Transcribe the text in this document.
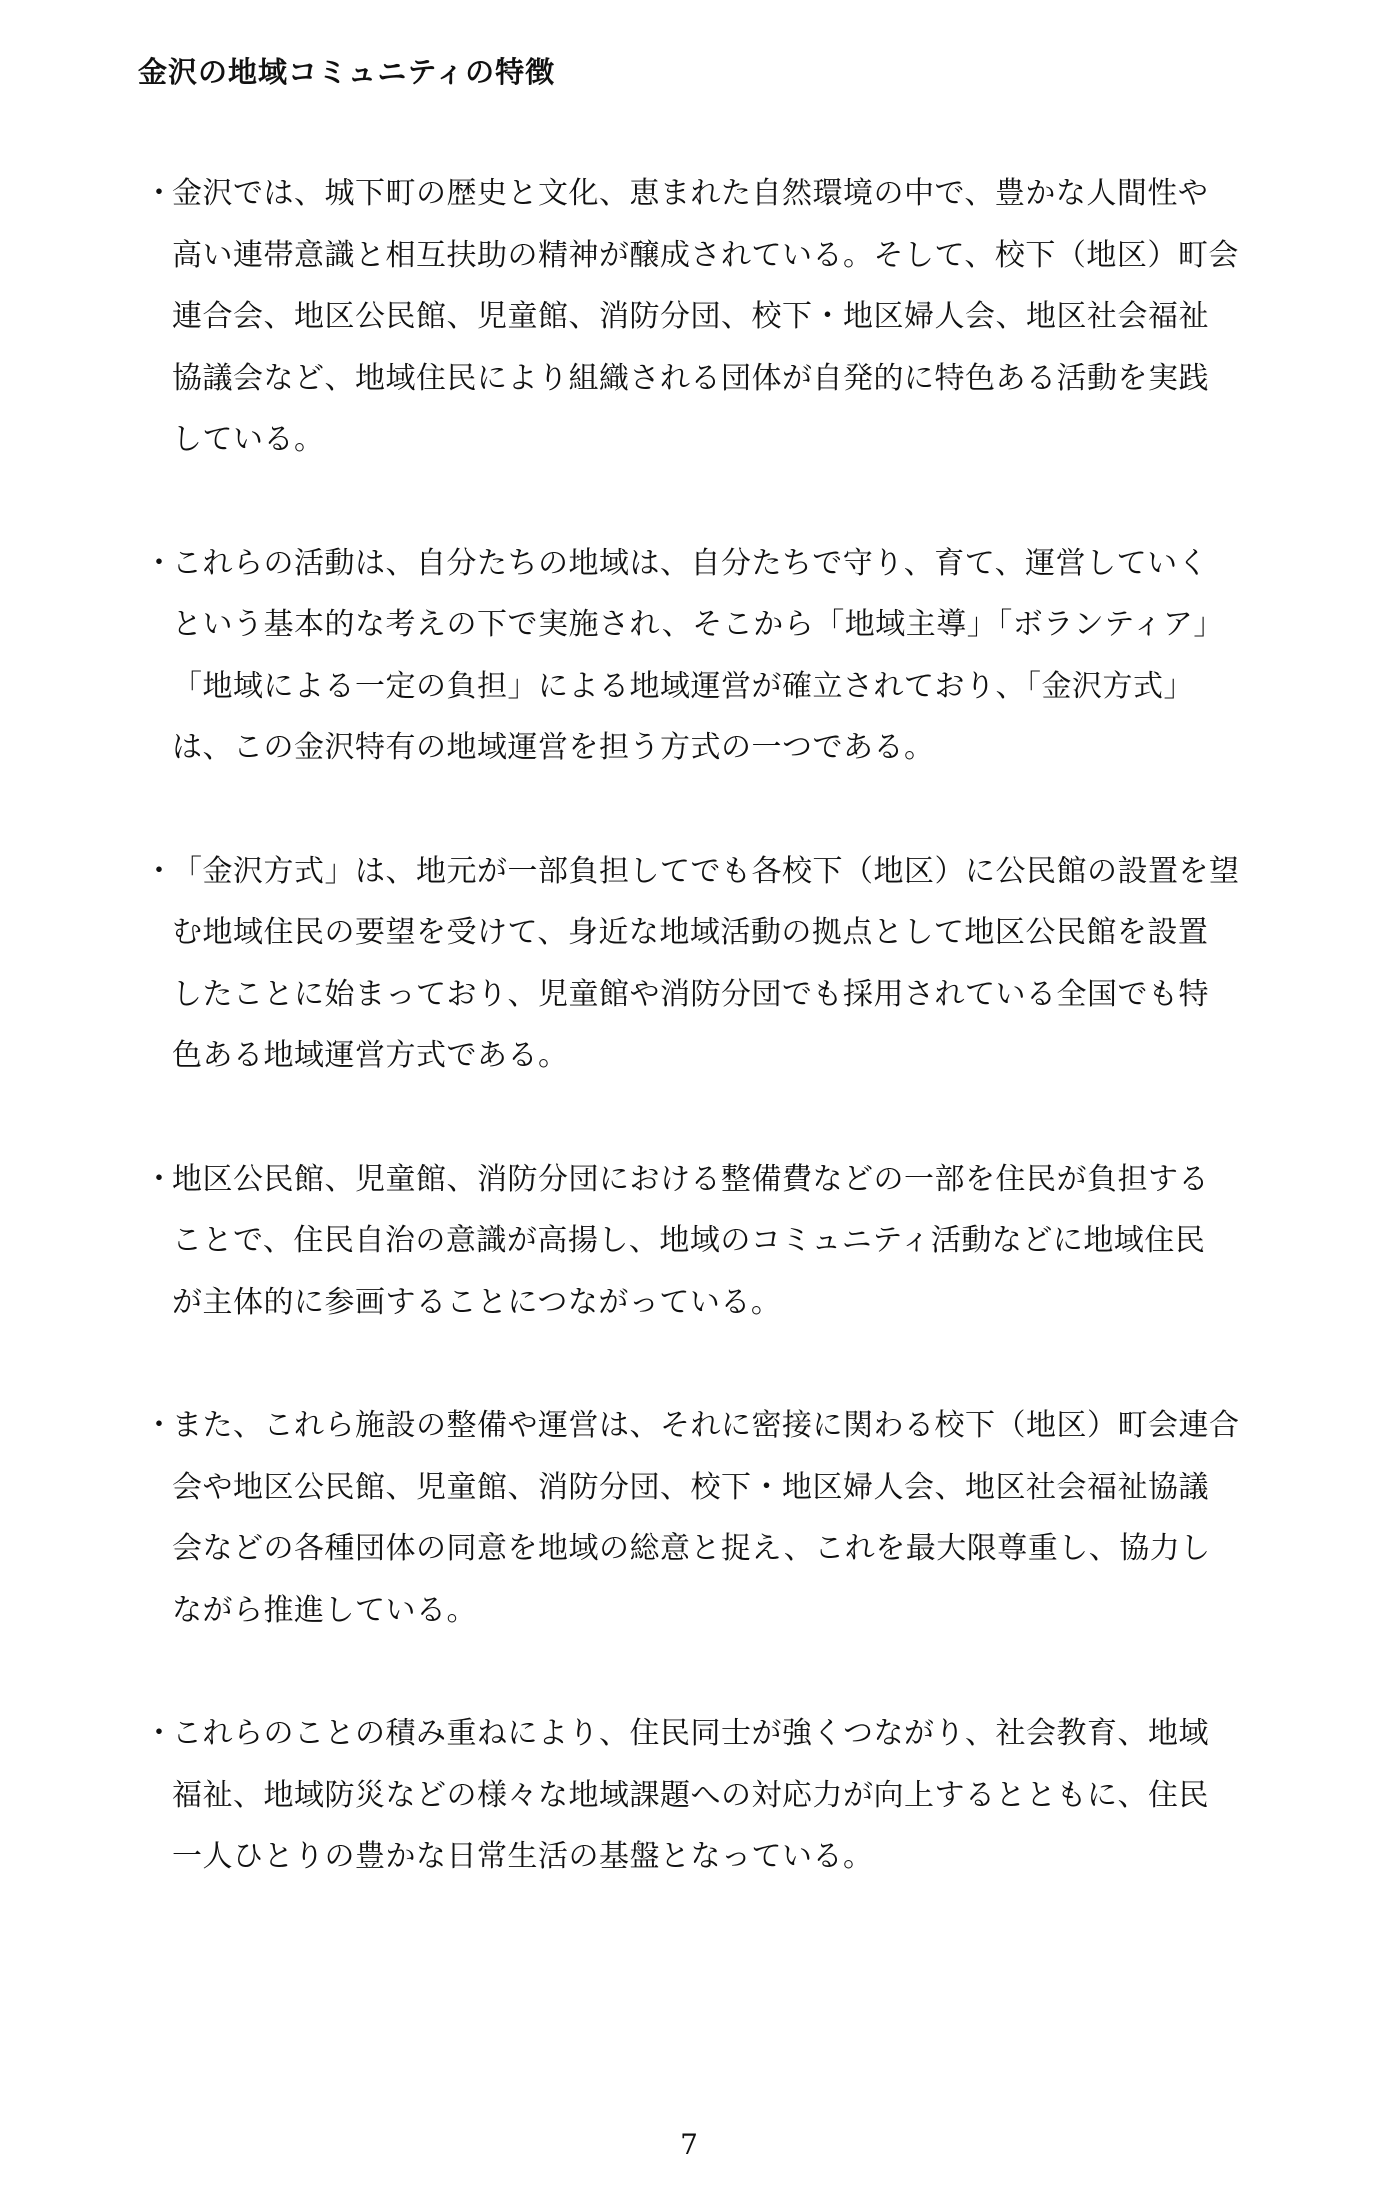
金沢の地域コミュニティの特徴
・
金沢では、城下町の歴史と文化、恵まれた自然環境の中で、豊かな人間性や
高い連帯意識と相互扶助の精神が醸成されている。そして、校下（地区）町会
連合会、地区公民館、児童館、消防分団、校下・地区婦人会、地区社会福祉
協議会など、地域住民により組織される団体が自発的に特色ある活動を実践
している。
・
これらの活動は、自分たちの地域は、自分たちで守り、育て、運営していく
という基本的な考えの下で実施され、そこから「地域主導」「ボランティア」
「地域による一定の負担」による地域運営が確立されており、「金沢方式」
は、この金沢特有の地域運営を担う方式の一つである。
・
「金沢方式」は、地元が一部負担してでも各校下（地区）に公民館の設置を望
む地域住民の要望を受けて、身近な地域活動の拠点として地区公民館を設置
したことに始まっており、児童館や消防分団でも採用されている全国でも特
色ある地域運営方式である。
・
地区公民館、児童館、消防分団における整備費などの一部を住民が負担する
ことで、住民自治の意識が高揚し、地域のコミュニティ活動などに地域住民
が主体的に参画することにつながっている。
・
また、これら施設の整備や運営は、それに密接に関わる校下（地区）町会連合
会や地区公民館、児童館、消防分団、校下・地区婦人会、地区社会福祉協議
会などの各種団体の同意を地域の総意と捉え、これを最大限尊重し、協力し
ながら推進している。
・
これらのことの積み重ねにより、住民同士が強くつながり、社会教育、地域
福祉、地域防災などの様々な地域課題への対応力が向上するとともに、住民
一人ひとりの豊かな日常生活の基盤となっている。
7
